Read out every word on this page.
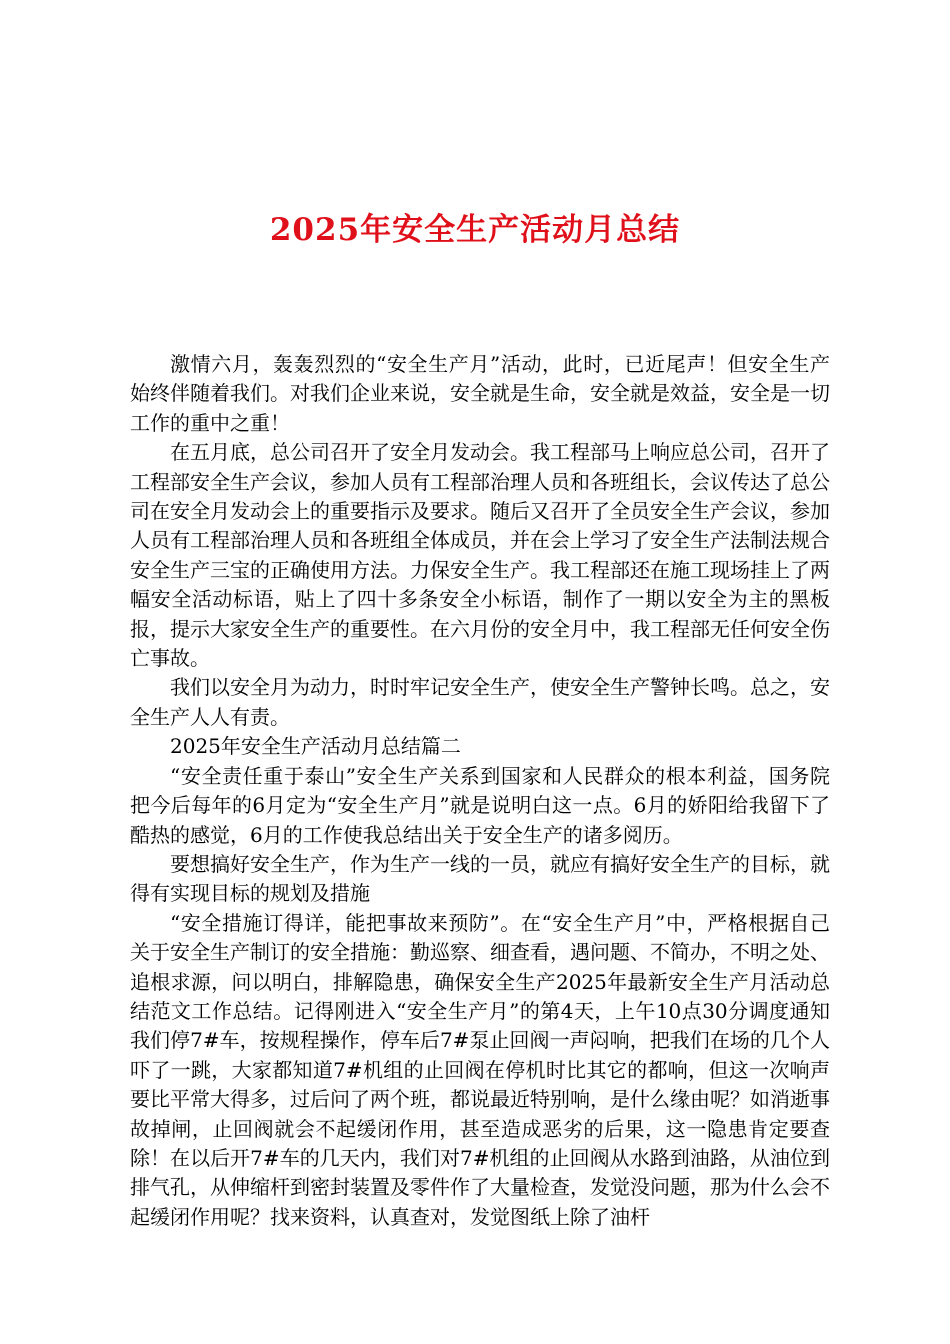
2025年安全生产活动月总结

激情六月，轰轰烈烈的“安全生产月”活动，此时，已近尾声！但安全生产始终伴随着我们。对我们企业来说，安全就是生命，安全就是效益，安全是一切工作的重中之重！

在五月底，总公司召开了安全月发动会。我工程部马上响应总公司，召开了工程部安全生产会议，参加人员有工程部治理人员和各班组长，会议传达了总公司在安全月发动会上的重要指示及要求。随后又召开了全员安全生产会议，参加人员有工程部治理人员和各班组全体成员，并在会上学习了安全生产法制法规合安全生产三宝的正确使用方法。力保安全生产。我工程部还在施工现场挂上了两幅安全活动标语，贴上了四十多条安全小标语，制作了一期以安全为主的黑板报，提示大家安全生产的重要性。在六月份的安全月中，我工程部无任何安全伤亡事故。

我们以安全月为动力，时时牢记安全生产，使安全生产警钟长鸣。总之，安全生产人人有责。

2025年安全生产活动月总结篇二

“安全责任重于泰山”安全生产关系到国家和人民群众的根本利益，国务院把今后每年的6月定为“安全生产月”就是说明白这一点。6月的娇阳给我留下了酷热的感觉，6月的工作使我总结出关于安全生产的诸多阅历。

要想搞好安全生产，作为生产一线的一员，就应有搞好安全生产的目标，就得有实现目标的规划及措施

“安全措施订得详，能把事故来预防”。在“安全生产月”中，严格根据自己关于安全生产制订的安全措施：勤巡察、细查看，遇问题、不简办，不明之处、追根求源，问以明白，排解隐患，确保安全生产2025年最新安全生产月活动总结范文工作总结。记得刚进入“安全生产月”的第4天，上午10点30分调度通知我们停7#车，按规程操作，停车后7#泵止回阀一声闷响，把我们在场的几个人吓了一跳，大家都知道7#机组的止回阀在停机时比其它的都响，但这一次响声要比平常大得多，过后问了两个班，都说最近特别响，是什么缘由呢？如消逝事故掉闸，止回阀就会不起缓闭作用，甚至造成恶劣的后果，这一隐患肯定要查除！在以后开7#车的几天内，我们对7#机组的止回阀从水路到油路，从油位到排气孔，从伸缩杆到密封装置及零件作了大量检查，发觉没问题，那为什么会不起缓闭作用呢？找来资料，认真查对，发觉图纸上除了油杆
